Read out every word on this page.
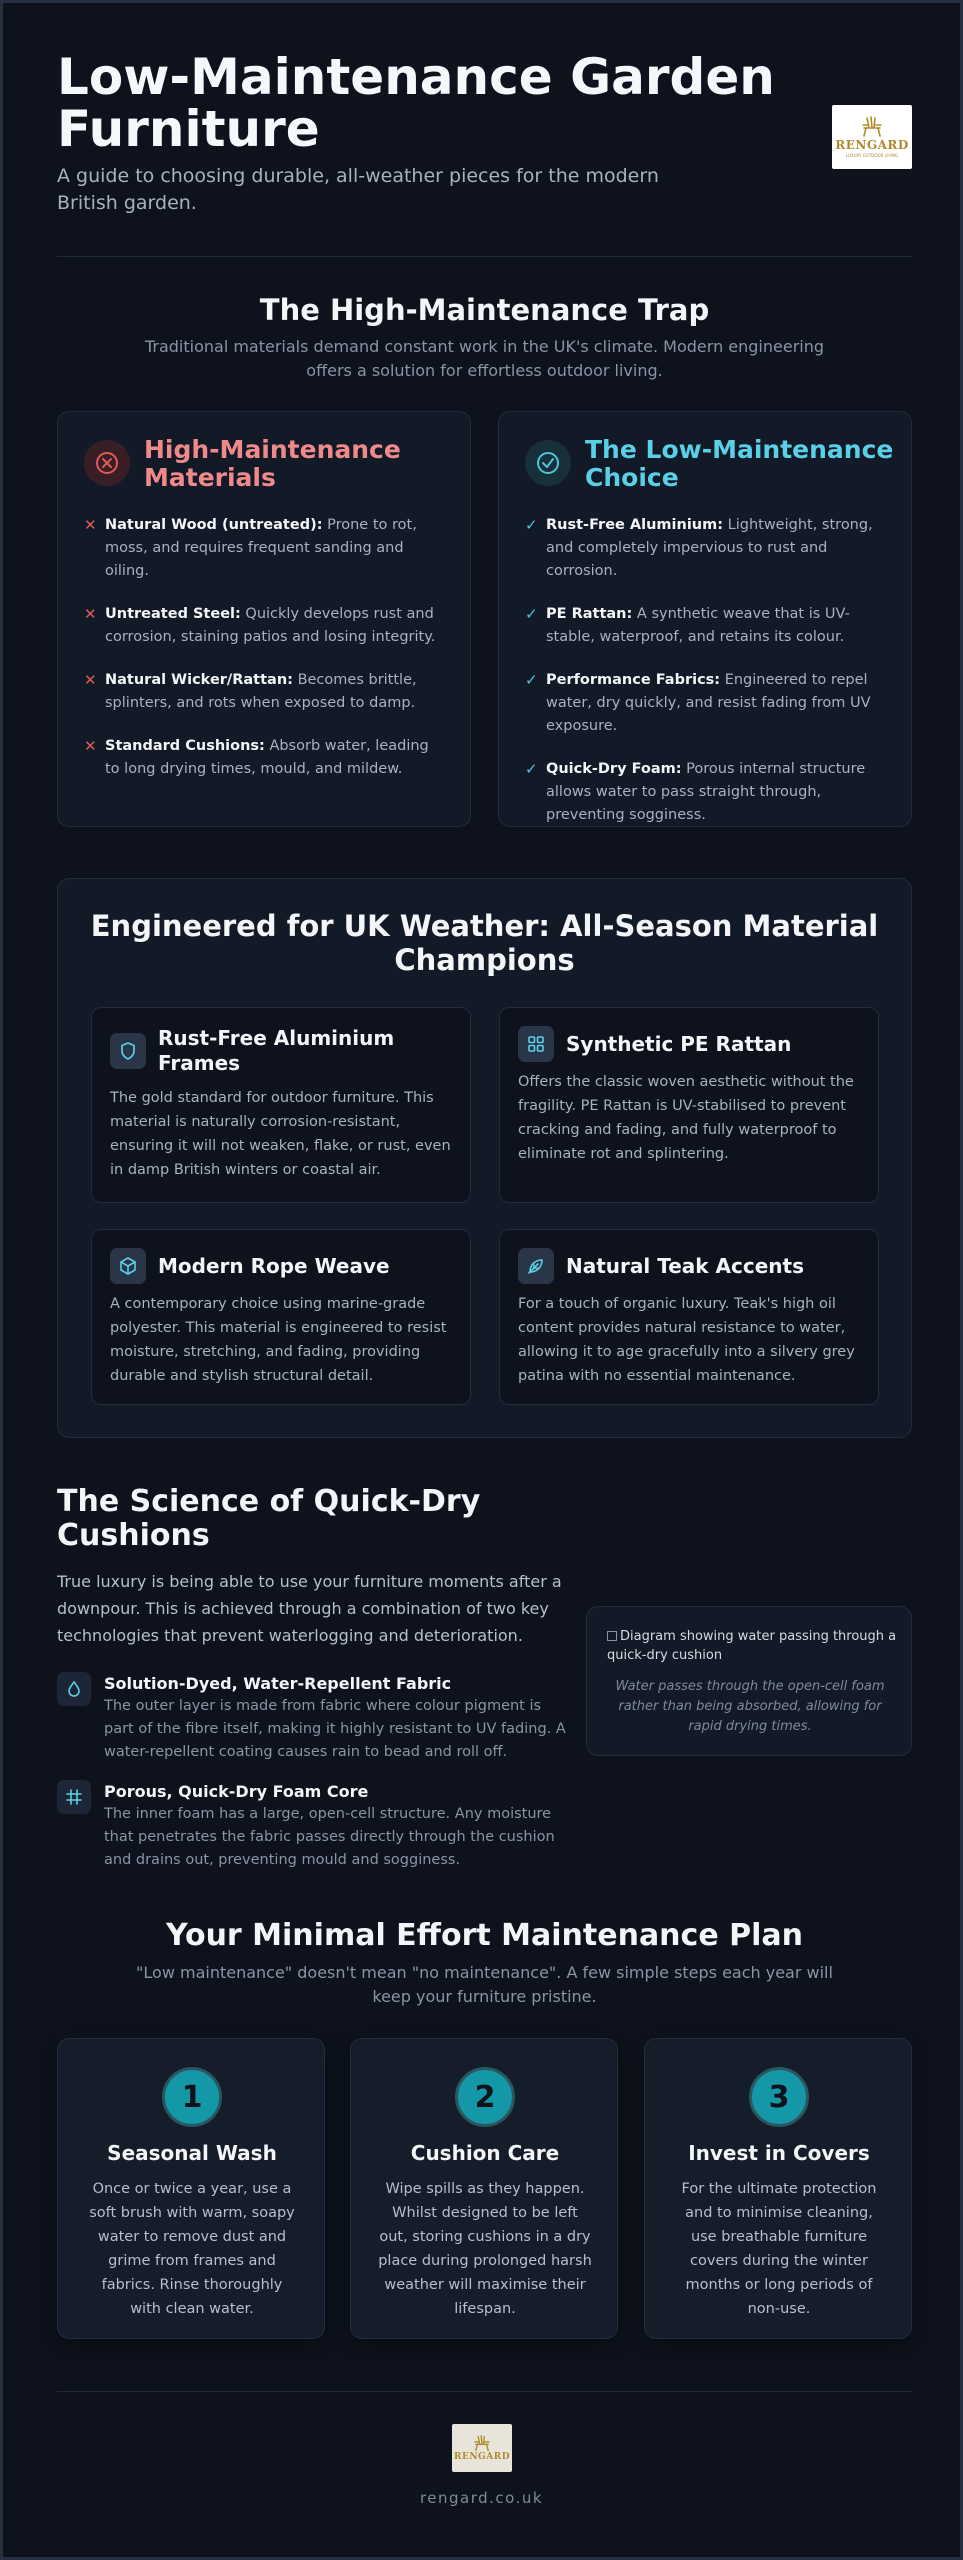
Low-Maintenance Garden Furniture

A guide to choosing durable, all-weather pieces for the modern British garden.

RENGARD
LUXURY OUTDOOR LIVING
The High-Maintenance Trap

Traditional materials demand constant work in the UK's climate. Modern engineering offers a solution for effortless outdoor living.

High-Maintenance Materials
✕ Natural Wood (untreated): Prone to rot, moss, and requires frequent sanding and oiling.
✕ Untreated Steel: Quickly develops rust and corrosion, staining patios and losing integrity.
✕ Natural Wicker/Rattan: Becomes brittle, splinters, and rots when exposed to damp.
✕ Standard Cushions: Absorb water, leading to long drying times, mould, and mildew.
The Low-Maintenance Choice
✓ Rust-Free Aluminium: Lightweight, strong, and completely impervious to rust and corrosion.
✓ PE Rattan: A synthetic weave that is UV-stable, waterproof, and retains its colour.
✓ Performance Fabrics: Engineered to repel water, dry quickly, and resist fading from UV exposure.
✓ Quick-Dry Foam: Porous internal structure allows water to pass straight through, preventing sogginess.
Engineered for UK Weather: All-Season Material Champions
Rust-Free Aluminium Frames
The gold standard for outdoor furniture. This material is naturally corrosion-resistant, ensuring it will not weaken, flake, or rust, even in damp British winters or coastal air.
Synthetic PE Rattan
Offers the classic woven aesthetic without the fragility. PE Rattan is UV-stabilised to prevent cracking and fading, and fully waterproof to eliminate rot and splintering.
Modern Rope Weave
A contemporary choice using marine-grade polyester. This material is engineered to resist moisture, stretching, and fading, providing durable and stylish structural detail.
Natural Teak Accents
For a touch of organic luxury. Teak's high oil content provides natural resistance to water, allowing it to age gracefully into a silvery grey patina with no essential maintenance.
The Science of Quick-Dry Cushions

True luxury is being able to use your furniture moments after a downpour. This is achieved through a combination of two key technologies that prevent waterlogging and deterioration.

Solution-Dyed, Water-Repellent Fabric
The outer layer is made from fabric where colour pigment is part of the fibre itself, making it highly resistant to UV fading. A water-repellent coating causes rain to bead and roll off.
Porous, Quick-Dry Foam Core
The inner foam has a large, open-cell structure. Any moisture that penetrates the fabric passes directly through the cushion and drains out, preventing mould and sogginess.
Diagram showing water passing through a quick-dry cushion
Water passes through the open-cell foam rather than being absorbed, allowing for rapid drying times.
Your Minimal Effort Maintenance Plan

"Low maintenance" doesn't mean "no maintenance". A few simple steps each year will keep your furniture pristine.

1
Seasonal Wash
Once or twice a year, use a soft brush with warm, soapy water to remove dust and grime from frames and fabrics. Rinse thoroughly with clean water.
2
Cushion Care
Wipe spills as they happen. Whilst designed to be left out, storing cushions in a dry place during prolonged harsh weather will maximise their lifespan.
3
Invest in Covers
For the ultimate protection and to minimise cleaning, use breathable furniture covers during the winter months or long periods of non-use.
RENGARD
rengard.co.uk
